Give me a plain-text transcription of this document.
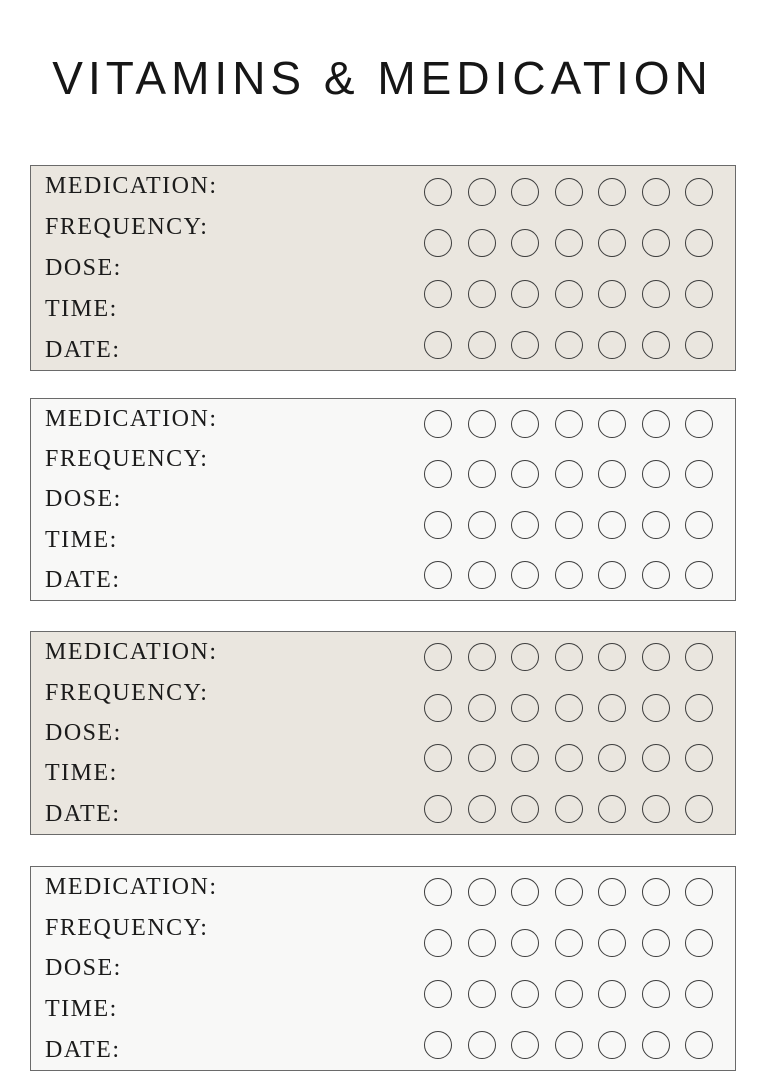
VITAMINS & MEDICATION
MEDICATION:
FREQUENCY:
DOSE:
TIME:
DATE:
MEDICATION:
FREQUENCY:
DOSE:
TIME:
DATE:
MEDICATION:
FREQUENCY:
DOSE:
TIME:
DATE:
MEDICATION:
FREQUENCY:
DOSE:
TIME:
DATE:
